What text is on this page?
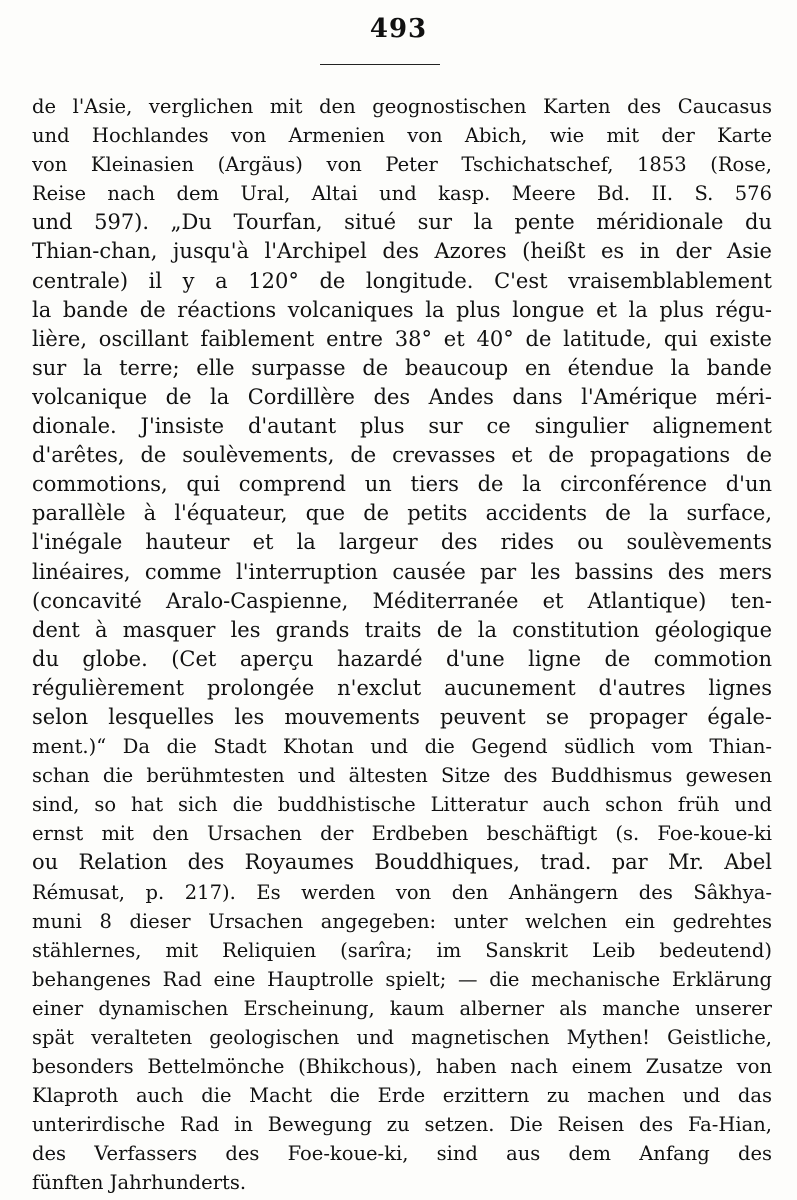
493
de l'Asie, verglichen mit den geognostischen Karten des Caucasus
und Hochlandes von Armenien von Abich, wie mit der Karte
von Kleinasien (Argäus) von Peter Tschichatschef, 1853 (Rose,
Reise nach dem Ural, Altai und kasp. Meere Bd. II. S. 576
und 597). „Du Tourfan, situé sur la pente méridionale du
Thian-chan, jusqu'à l'Archipel des Azores (heißt es in der Asie
centrale) il y a 120° de longitude. C'est vraisemblablement
la bande de réactions volcaniques la plus longue et la plus régu-
lière, oscillant faiblement entre 38° et 40° de latitude, qui existe
sur la terre; elle surpasse de beaucoup en étendue la bande
volcanique de la Cordillère des Andes dans l'Amérique méri-
dionale. J'insiste d'autant plus sur ce singulier alignement
d'arêtes, de soulèvements, de crevasses et de propagations de
commotions, qui comprend un tiers de la circonférence d'un
parallèle à l'équateur, que de petits accidents de la surface,
l'inégale hauteur et la largeur des rides ou soulèvements
linéaires, comme l'interruption causée par les bassins des mers
(concavité Aralo-Caspienne, Méditerranée et Atlantique) ten-
dent à masquer les grands traits de la constitution géologique
du globe. (Cet aperçu hazardé d'une ligne de commotion
régulièrement prolongée n'exclut aucunement d'autres lignes
selon lesquelles les mouvements peuvent se propager égale-
ment.)“ Da die Stadt Khotan und die Gegend südlich vom Thian-
schan die berühmtesten und ältesten Sitze des Buddhismus gewesen
sind, so hat sich die buddhistische Litteratur auch schon früh und
ernst mit den Ursachen der Erdbeben beschäftigt (s. Foe-koue-ki
ou Relation des Royaumes Bouddhiques, trad. par Mr. Abel
Rémusat, p. 217). Es werden von den Anhängern des Sâkhya-
muni 8 dieser Ursachen angegeben: unter welchen ein gedrehtes
stählernes, mit Reliquien (sarîra; im Sanskrit Leib bedeutend)
behangenes Rad eine Hauptrolle spielt; — die mechanische Erklärung
einer dynamischen Erscheinung, kaum alberner als manche unserer
spät veralteten geologischen und magnetischen Mythen! Geistliche,
besonders Bettelmönche (Bhikchous), haben nach einem Zusatze von
Klaproth auch die Macht die Erde erzittern zu machen und das
unterirdische Rad in Bewegung zu setzen. Die Reisen des Fa-Hian,
des Verfassers des Foe-koue-ki, sind aus dem Anfang des
fünften Jahrhunderts.
